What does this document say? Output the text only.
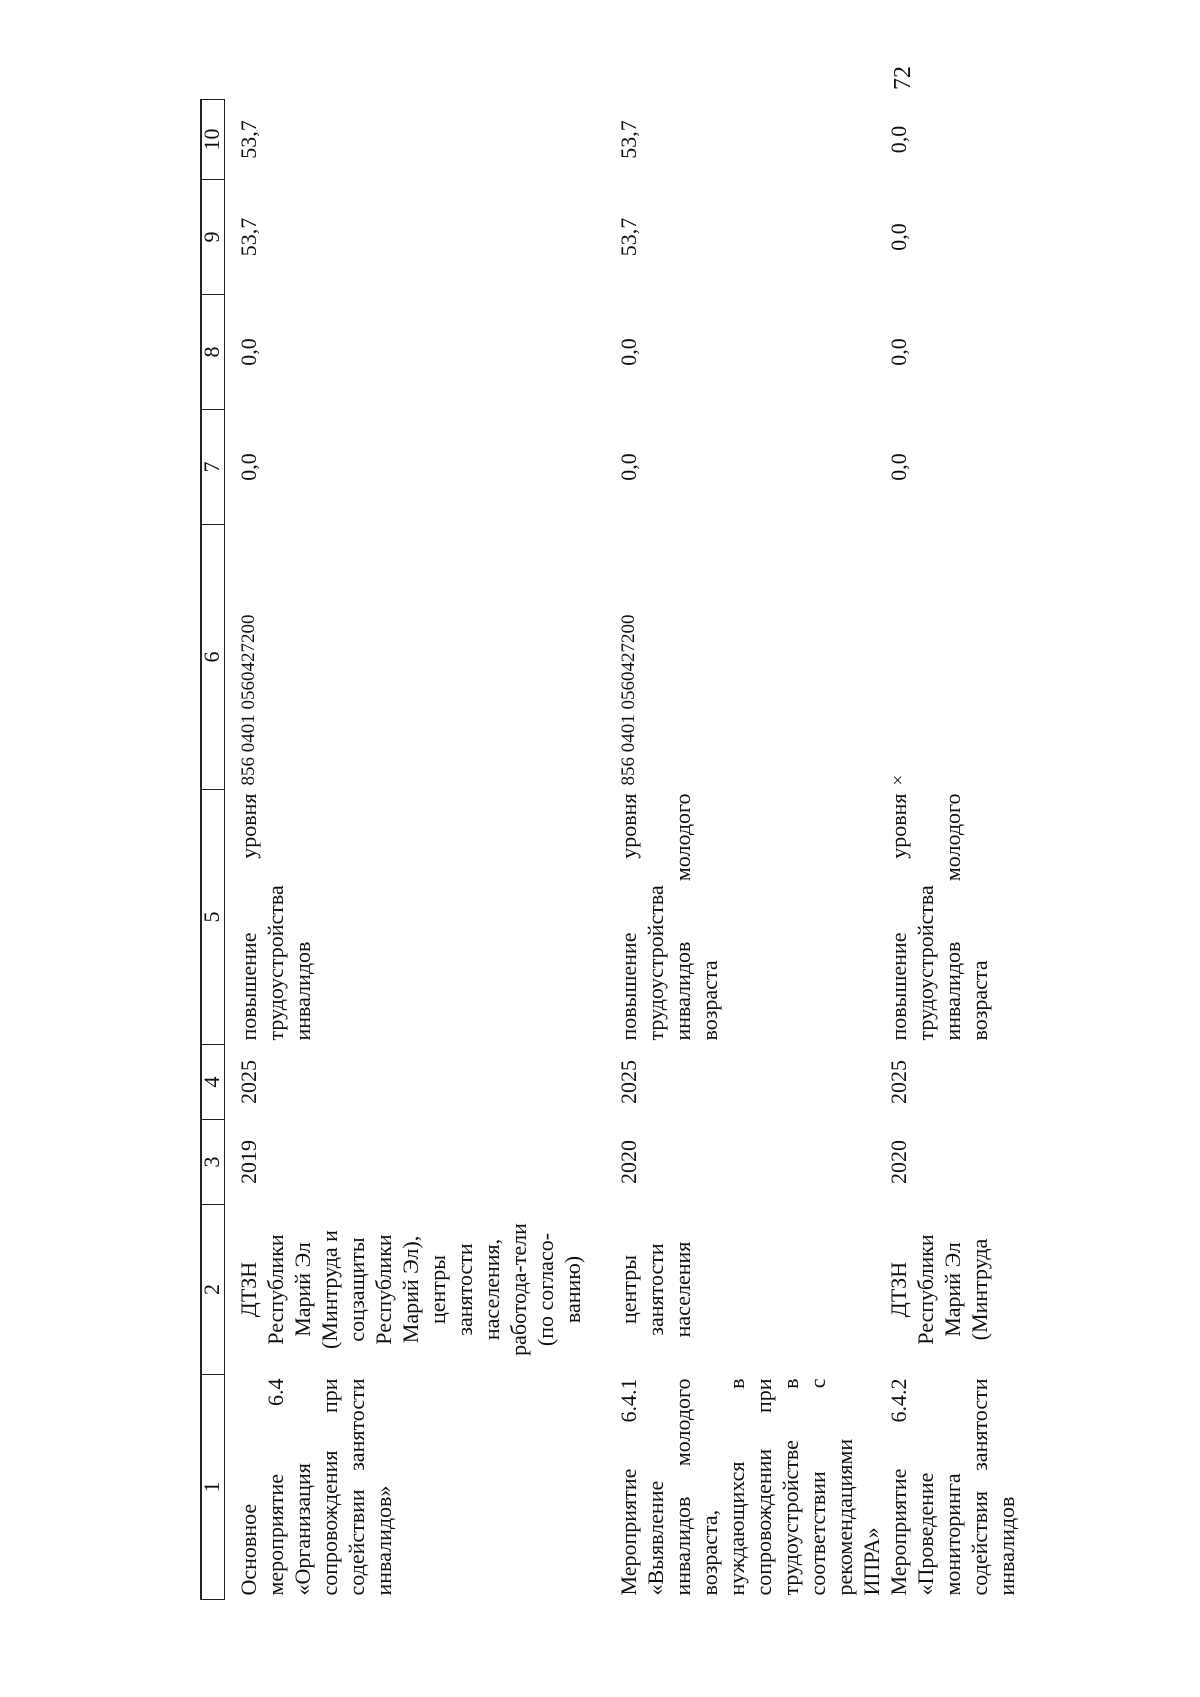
72
1	2	3	4	5	6	7	8	9	10

Основное мероприятие 6.4 «Организация сопровождения при содействии занятости инвалидов»	ДТЗН Республики Марий Эл (Минтруда и соцзащиты Республики Марий Эл), центры занятости населения, работода-тели (по согласо-ванию)	2019	2025	повышение уровня трудоустройства инвалидов	856 0401 0560427200	0,0	0,0	53,7	53,7
Мероприятие 6.4.1 «Выявление инвалидов молодого возраста, нуждающихся в сопровождении при трудоустройстве в соответствии с рекомендациями ИПРА»	центры занятости населения	2020	2025	повышение уровня трудоустройства инвалидов молодого возраста	856 0401 0560427200	0,0	0,0	53,7	53,7
Мероприятие 6.4.2 «Проведение мониторинга содействия занятости инвалидов	ДТЗН Республики Марий Эл (Минтруда	2020	2025	повышение уровня трудоустройства инвалидов молодого возраста	×	0,0	0,0	0,0	0,0
